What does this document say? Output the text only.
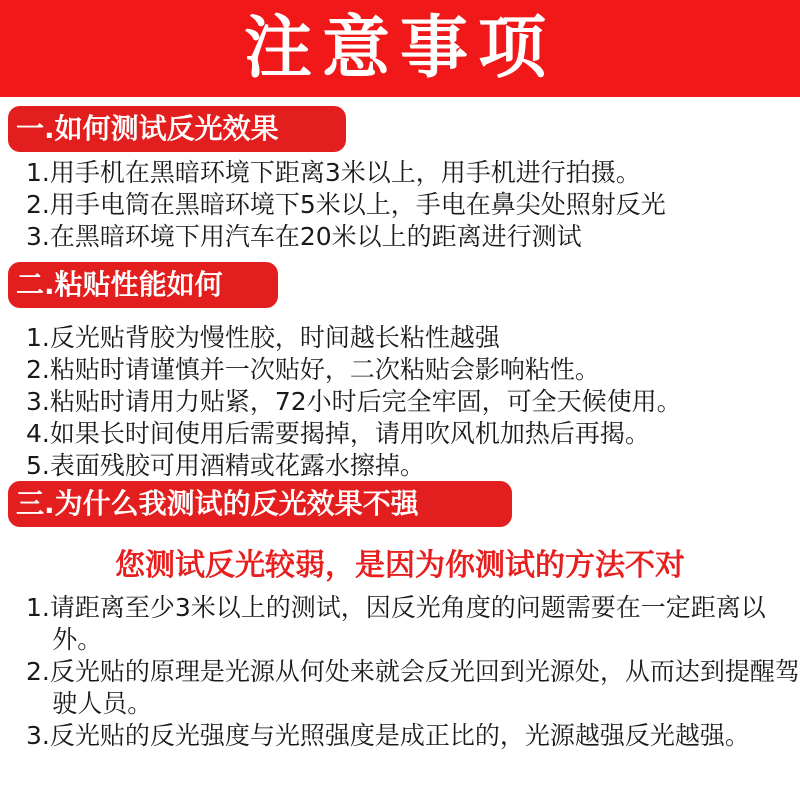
注意事项
一.如何测试反光效果
1.用手机在黑暗环境下距离3米以上，用手机进行拍摄。
2.用手电筒在黑暗环境下5米以上，手电在鼻尖处照射反光
3.在黑暗环境下用汽车在20米以上的距离进行测试
二.粘贴性能如何
1.反光贴背胶为慢性胶，时间越长粘性越强
2.粘贴时请谨慎并一次贴好，二次粘贴会影响粘性。
3.粘贴时请用力贴紧，72小时后完全牢固，可全天候使用。
4.如果长时间使用后需要揭掉，请用吹风机加热后再揭。
5.表面残胶可用酒精或花露水擦掉。
三.为什么我测试的反光效果不强
您测试反光较弱，是因为你测试的方法不对
1.请距离至少3米以上的测试，因反光角度的问题需要在一定距离以外。
2.反光贴的原理是光源从何处来就会反光回到光源处，从而达到提醒驾驶人员。
3.反光贴的反光强度与光照强度是成正比的，光源越强反光越强。
